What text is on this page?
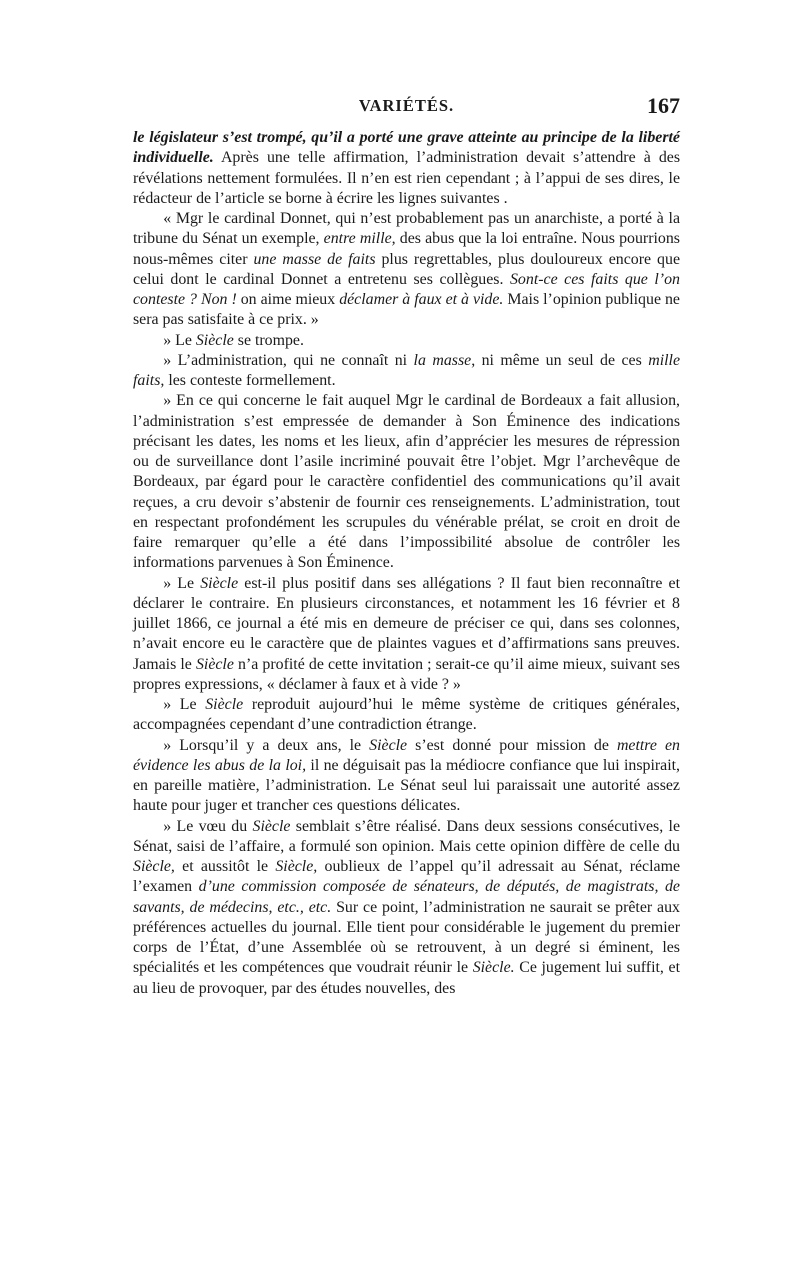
VARIÉTÉS.	167

le législateur s’est trompé, qu’il a porté une grave atteinte au principe de la liberté individuelle. Après une telle affirmation, l’administration devait s’attendre à des révélations nettement formulées. Il n’en est rien cependant ; à l’appui de ses dires, le rédacteur de l’article se borne à écrire les lignes suivantes .

« Mgr le cardinal Donnet, qui n’est probablement pas un anarchiste, a porté à la tribune du Sénat un exemple, entre mille, des abus que la loi entraîne. Nous pourrions nous-mêmes citer une masse de faits plus regrettables, plus douloureux encore que celui dont le cardinal Donnet a entretenu ses collègues. Sont-ce ces faits que l’on conteste ? Non ! on aime mieux déclamer à faux et à vide. Mais l’opinion publique ne sera pas satisfaite à ce prix. »

» Le Siècle se trompe.

» L’administration, qui ne connaît ni la masse, ni même un seul de ces mille faits, les conteste formellement.

» En ce qui concerne le fait auquel Mgr le cardinal de Bordeaux a fait allusion, l’administration s’est empressée de demander à Son Éminence des indications précisant les dates, les noms et les lieux, afin d’apprécier les mesures de répression ou de surveillance dont l’asile incriminé pouvait être l’objet. Mgr l’archevêque de Bordeaux, par égard pour le caractère confidentiel des communications qu’il avait reçues, a cru devoir s’abstenir de fournir ces renseignements. L’administration, tout en respectant profondément les scrupules du vénérable prélat, se croit en droit de faire remarquer qu’elle a été dans l’impossibilité absolue de contrôler les informations parvenues à Son Éminence.

» Le Siècle est-il plus positif dans ses allégations ? Il faut bien reconnaître et déclarer le contraire. En plusieurs circonstances, et notamment les 16 février et 8 juillet 1866, ce journal a été mis en demeure de préciser ce qui, dans ses colonnes, n’avait encore eu le caractère que de plaintes vagues et d’affirmations sans preuves. Jamais le Siècle n’a profité de cette invitation ; serait-ce qu’il aime mieux, suivant ses propres expressions, « déclamer à faux et à vide ? »

» Le Siècle reproduit aujourd’hui le même système de critiques générales, accompagnées cependant d’une contradiction étrange.

» Lorsqu’il y a deux ans, le Siècle s’est donné pour mission de mettre en évidence les abus de la loi, il ne déguisait pas la médiocre confiance que lui inspirait, en pareille matière, l’administration. Le Sénat seul lui paraissait une autorité assez haute pour juger et trancher ces questions délicates.

» Le vœu du Siècle semblait s’être réalisé. Dans deux sessions consécutives, le Sénat, saisi de l’affaire, a formulé son opinion. Mais cette opinion diffère de celle du Siècle, et aussitôt le Siècle, oublieux de l’appel qu’il adressait au Sénat, réclame l’examen d’une commission composée de sénateurs, de députés, de magistrats, de savants, de médecins, etc., etc. Sur ce point, l’administration ne saurait se prêter aux préférences actuelles du journal. Elle tient pour considérable le jugement du premier corps de l’État, d’une Assemblée où se retrouvent, à un degré si éminent, les spécialités et les compétences que voudrait réunir le Siècle. Ce jugement lui suffit, et au lieu de provoquer, par des études nouvelles, des
